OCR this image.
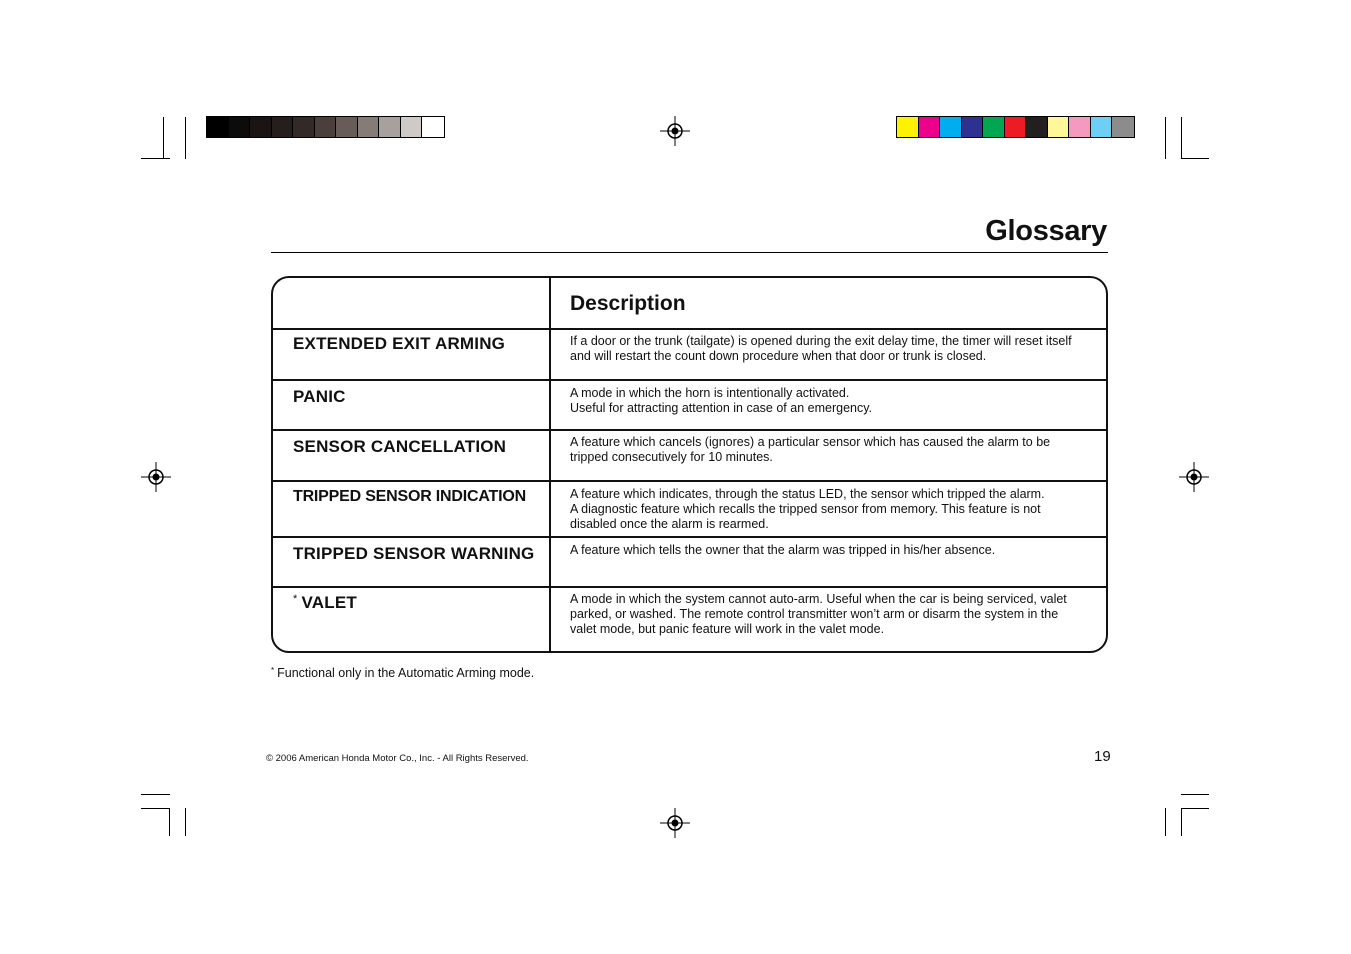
Glossary
Description
EXTENDED EXIT ARMING	If a door or the trunk (tailgate) is opened during the exit delay time, the timer will reset itself
and will restart the count down procedure when that door or trunk is closed.
PANIC	A mode in which the horn is intentionally activated.
Useful for attracting attention in case of an emergency.
SENSOR CANCELLATION	A feature which cancels (ignores) a particular sensor which has caused the alarm to be
tripped consecutively for 10 minutes.
TRIPPED SENSOR INDICATION	A feature which indicates, through the status LED, the sensor which tripped the alarm.
A diagnostic feature which recalls the tripped sensor from memory. This feature is not
disabled once the alarm is rearmed.
TRIPPED SENSOR WARNING	A feature which tells the owner that the alarm was tripped in his/her absence.
* VALET	A mode in which the system cannot auto-arm. Useful when the car is being serviced, valet
parked, or washed. The remote control transmitter won’t arm or disarm the system in the
valet mode, but panic feature will work in the valet mode.
* Functional only in the Automatic Arming mode.
© 2006 American Honda Motor Co., Inc. - All Rights Reserved.	19
